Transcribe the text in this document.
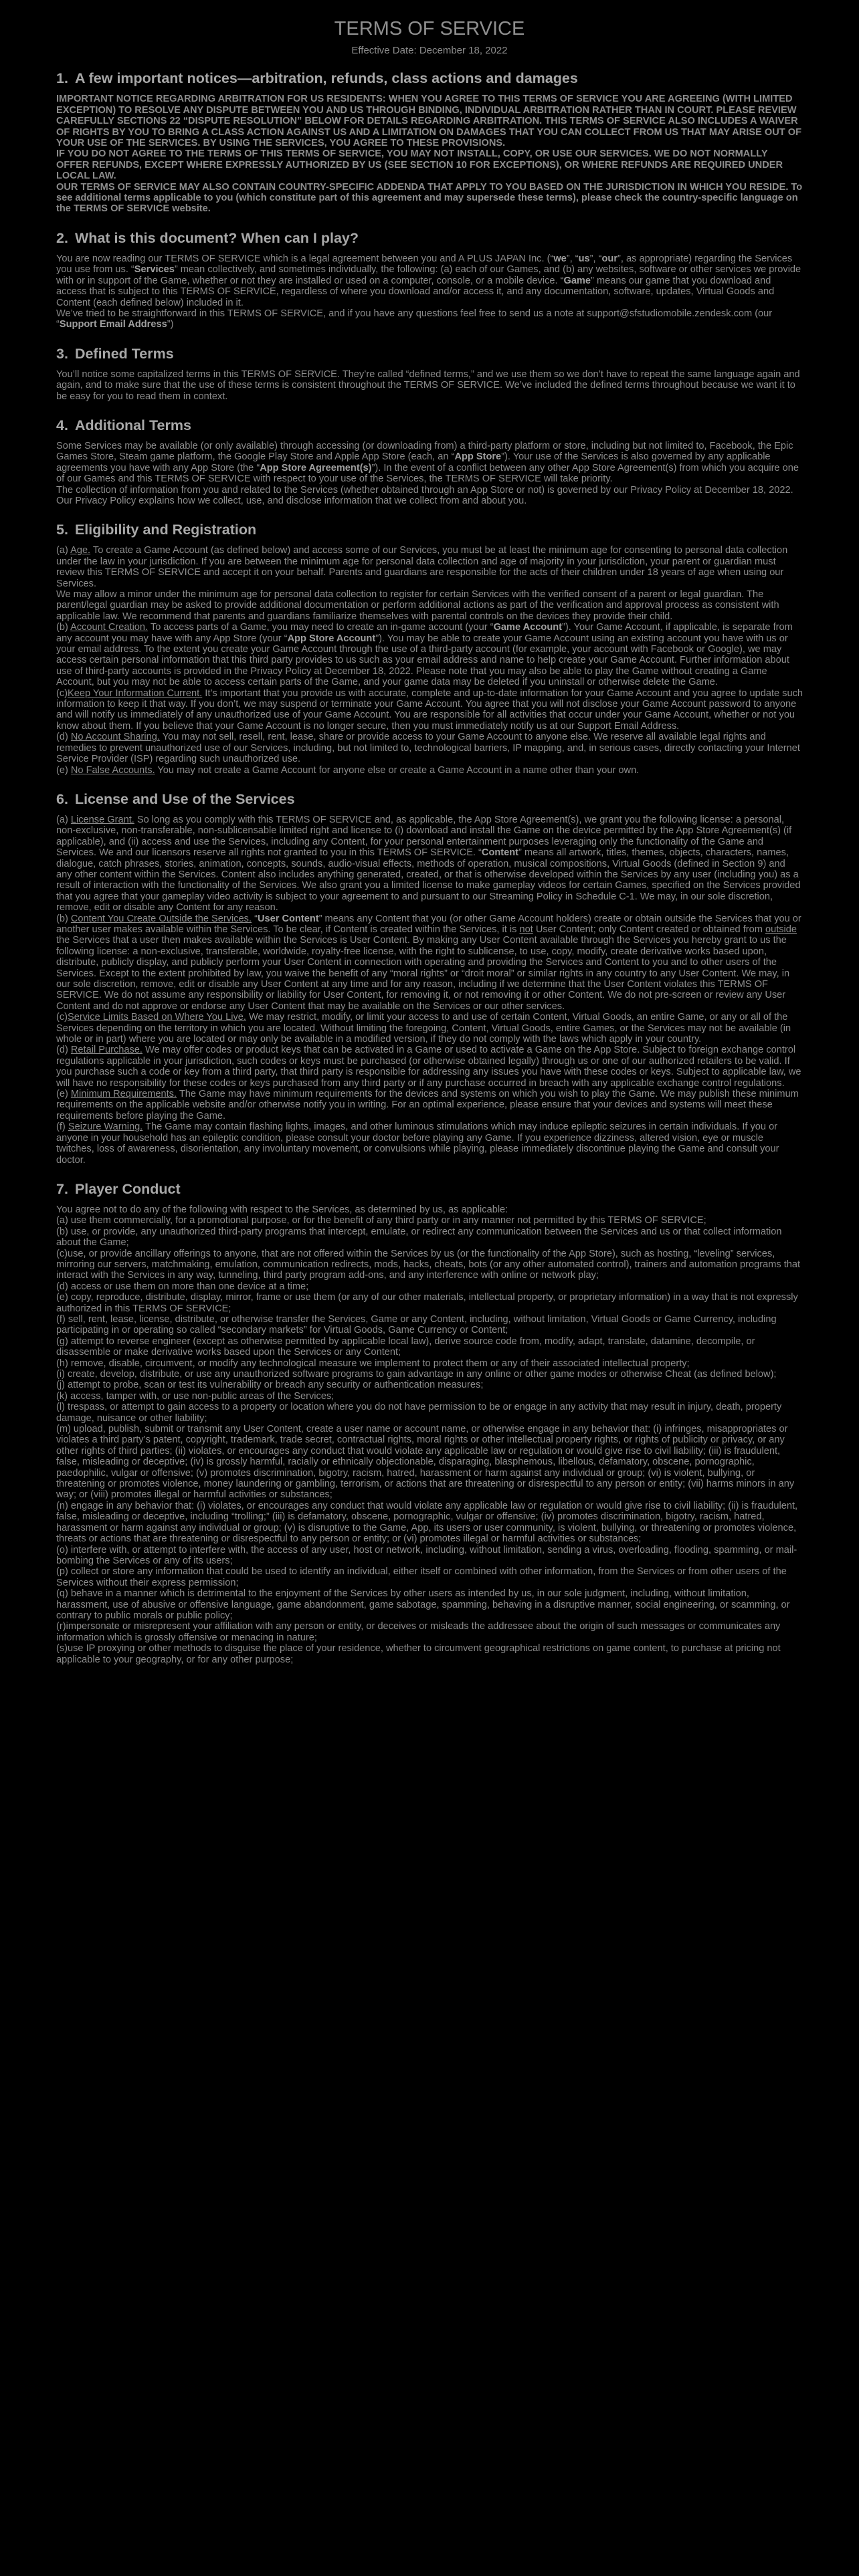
TERMS OF SERVICE
Effective Date: December 18, 2022
1. A few important notices—arbitration, refunds, class actions and damages

IMPORTANT NOTICE REGARDING ARBITRATION FOR US RESIDENTS: WHEN YOU AGREE TO THIS TERMS OF SERVICE YOU ARE AGREEING (WITH LIMITED EXCEPTION) TO RESOLVE ANY DISPUTE BETWEEN YOU AND US THROUGH BINDING, INDIVIDUAL ARBITRATION RATHER THAN IN COURT. PLEASE REVIEW CAREFULLY SECTIONS 22 “DISPUTE RESOLUTION” BELOW FOR DETAILS REGARDING ARBITRATION. THIS TERMS OF SERVICE ALSO INCLUDES A WAIVER OF RIGHTS BY YOU TO BRING A CLASS ACTION AGAINST US AND A LIMITATION ON DAMAGES THAT YOU CAN COLLECT FROM US THAT MAY ARISE OUT OF YOUR USE OF THE SERVICES. BY USING THE SERVICES, YOU AGREE TO THESE PROVISIONS.

IF YOU DO NOT AGREE TO THE TERMS OF THIS TERMS OF SERVICE, YOU MAY NOT INSTALL, COPY, OR USE OUR SERVICES. WE DO NOT NORMALLY OFFER REFUNDS, EXCEPT WHERE EXPRESSLY AUTHORIZED BY US (SEE SECTION 10 FOR EXCEPTIONS), OR WHERE REFUNDS ARE REQUIRED UNDER LOCAL LAW.

OUR TERMS OF SERVICE MAY ALSO CONTAIN COUNTRY-SPECIFIC ADDENDA THAT APPLY TO YOU BASED ON THE JURISDICTION IN WHICH YOU RESIDE. To see additional terms applicable to you (which constitute part of this agreement and may supersede these terms), please check the country-specific language on the TERMS OF SERVICE website.

2. What is this document? When can I play?

You are now reading our TERMS OF SERVICE which is a legal agreement between you and A PLUS JAPAN Inc. (“we”, “us”, “our”, as appropriate) regarding the Services you use from us. “Services” mean collectively, and sometimes individually, the following: (a) each of our Games, and (b) any websites, software or other services we provide with or in support of the Game, whether or not they are installed or used on a computer, console, or a mobile device. “Game” means our game that you download and access that is subject to this TERMS OF SERVICE, regardless of where you download and/or access it, and any documentation, software, updates, Virtual Goods and Content (each defined below) included in it.

We’ve tried to be straightforward in this TERMS OF SERVICE, and if you have any questions feel free to send us a note at support@sfstudiomobile.zendesk.com (our “Support Email Address”)

3. Defined Terms

You’ll notice some capitalized terms in this TERMS OF SERVICE. They’re called “defined terms,” and we use them so we don’t have to repeat the same language again and again, and to make sure that the use of these terms is consistent throughout the TERMS OF SERVICE. We’ve included the defined terms throughout because we want it to be easy for you to read them in context.

4. Additional Terms

Some Services may be available (or only available) through accessing (or downloading from) a third-party platform or store, including but not limited to, Facebook, the Epic Games Store, Steam game platform, the Google Play Store and Apple App Store (each, an “App Store”). Your use of the Services is also governed by any applicable agreements you have with any App Store (the “App Store Agreement(s)”). In the event of a conflict between any other App Store Agreement(s) from which you acquire one of our Games and this TERMS OF SERVICE with respect to your use of the Services, the TERMS OF SERVICE will take priority.

The collection of information from you and related to the Services (whether obtained through an App Store or not) is governed by our Privacy Policy at December 18, 2022. Our Privacy Policy explains how we collect, use, and disclose information that we collect from and about you.

5. Eligibility and Registration

(a) Age. To create a Game Account (as defined below) and access some of our Services, you must be at least the minimum age for consenting to personal data collection under the law in your jurisdiction. If you are between the minimum age for personal data collection and age of majority in your jurisdiction, your parent or guardian must review this TERMS OF SERVICE and accept it on your behalf. Parents and guardians are responsible for the acts of their children under 18 years of age when using our Services.

We may allow a minor under the minimum age for personal data collection to register for certain Services with the verified consent of a parent or legal guardian. The parent/legal guardian may be asked to provide additional documentation or perform additional actions as part of the verification and approval process as consistent with applicable law. We recommend that parents and guardians familiarize themselves with parental controls on the devices they provide their child.

(b) Account Creation. To access parts of a Game, you may need to create an in-game account (your “Game Account”). Your Game Account, if applicable, is separate from any account you may have with any App Store (your “App Store Account”). You may be able to create your Game Account using an existing account you have with us or your email address. To the extent you create your Game Account through the use of a third-party account (for example, your account with Facebook or Google), we may access certain personal information that this third party provides to us such as your email address and name to help create your Game Account. Further information about use of third-party accounts is provided in the Privacy Policy at December 18, 2022. Please note that you may also be able to play the Game without creating a Game Account, but you may not be able to access certain parts of the Game, and your game data may be deleted if you uninstall or otherwise delete the Game.

(c)Keep Your Information Current. It’s important that you provide us with accurate, complete and up-to-date information for your Game Account and you agree to update such information to keep it that way. If you don’t, we may suspend or terminate your Game Account. You agree that you will not disclose your Game Account password to anyone and will notify us immediately of any unauthorized use of your Game Account. You are responsible for all activities that occur under your Game Account, whether or not you know about them. If you believe that your Game Account is no longer secure, then you must immediately notify us at our Support Email Address.

(d) No Account Sharing. You may not sell, resell, rent, lease, share or provide access to your Game Account to anyone else. We reserve all available legal rights and remedies to prevent unauthorized use of our Services, including, but not limited to, technological barriers, IP mapping, and, in serious cases, directly contacting your Internet Service Provider (ISP) regarding such unauthorized use.

(e) No False Accounts. You may not create a Game Account for anyone else or create a Game Account in a name other than your own.

6. License and Use of the Services

(a) License Grant. So long as you comply with this TERMS OF SERVICE and, as applicable, the App Store Agreement(s), we grant you the following license: a personal, non-exclusive, non-transferable, non-sublicensable limited right and license to (i) download and install the Game on the device permitted by the App Store Agreement(s) (if applicable), and (ii) access and use the Services, including any Content, for your personal entertainment purposes leveraging only the functionality of the Game and Services. We and our licensors reserve all rights not granted to you in this TERMS OF SERVICE. “Content” means all artwork, titles, themes, objects, characters, names, dialogue, catch phrases, stories, animation, concepts, sounds, audio-visual effects, methods of operation, musical compositions, Virtual Goods (defined in Section 9) and any other content within the Services. Content also includes anything generated, created, or that is otherwise developed within the Services by any user (including you) as a result of interaction with the functionality of the Services. We also grant you a limited license to make gameplay videos for certain Games, specified on the Services provided that you agree that your gameplay video activity is subject to your agreement to and pursuant to our Streaming Policy in Schedule C-1. We may, in our sole discretion, remove, edit or disable any Content for any reason.

(b) Content You Create Outside the Services. “User Content” means any Content that you (or other Game Account holders) create or obtain outside the Services that you or another user makes available within the Services. To be clear, if Content is created within the Services, it is not User Content; only Content created or obtained from outside the Services that a user then makes available within the Services is User Content. By making any User Content available through the Services you hereby grant to us the following license: a non-exclusive, transferable, worldwide, royalty-free license, with the right to sublicense, to use, copy, modify, create derivative works based upon, distribute, publicly display, and publicly perform your User Content in connection with operating and providing the Services and Content to you and to other users of the Services. Except to the extent prohibited by law, you waive the benefit of any “moral rights” or “droit moral” or similar rights in any country to any User Content. We may, in our sole discretion, remove, edit or disable any User Content at any time and for any reason, including if we determine that the User Content violates this TERMS OF SERVICE. We do not assume any responsibility or liability for User Content, for removing it, or not removing it or other Content. We do not pre-screen or review any User Content and do not approve or endorse any User Content that may be available on the Services or our other services.

(c)Service Limits Based on Where You Live. We may restrict, modify, or limit your access to and use of certain Content, Virtual Goods, an entire Game, or any or all of the Services depending on the territory in which you are located. Without limiting the foregoing, Content, Virtual Goods, entire Games, or the Services may not be available (in whole or in part) where you are located or may only be available in a modified version, if they do not comply with the laws which apply in your country.

(d) Retail Purchase. We may offer codes or product keys that can be activated in a Game or used to activate a Game on the App Store. Subject to foreign exchange control regulations applicable in your jurisdiction, such codes or keys must be purchased (or otherwise obtained legally) through us or one of our authorized retailers to be valid. If you purchase such a code or key from a third party, that third party is responsible for addressing any issues you have with these codes or keys. Subject to applicable law, we will have no responsibility for these codes or keys purchased from any third party or if any purchase occurred in breach with any applicable exchange control regulations.

(e) Minimum Requirements. The Game may have minimum requirements for the devices and systems on which you wish to play the Game. We may publish these minimum requirements on the applicable website and/or otherwise notify you in writing. For an optimal experience, please ensure that your devices and systems will meet these requirements before playing the Game.

(f) Seizure Warning. The Game may contain flashing lights, images, and other luminous stimulations which may induce epileptic seizures in certain individuals. If you or anyone in your household has an epileptic condition, please consult your doctor before playing any Game. If you experience dizziness, altered vision, eye or muscle twitches, loss of awareness, disorientation, any involuntary movement, or convulsions while playing, please immediately discontinue playing the Game and consult your doctor.

7. Player Conduct

You agree not to do any of the following with respect to the Services, as determined by us, as applicable:

(a) use them commercially, for a promotional purpose, or for the benefit of any third party or in any manner not permitted by this TERMS OF SERVICE;

(b) use, or provide, any unauthorized third-party programs that intercept, emulate, or redirect any communication between the Services and us or that collect information about the Game;

(c)use, or provide ancillary offerings to anyone, that are not offered within the Services by us (or the functionality of the App Store), such as hosting, “leveling” services, mirroring our servers, matchmaking, emulation, communication redirects, mods, hacks, cheats, bots (or any other automated control), trainers and automation programs that interact with the Services in any way, tunneling, third party program add-ons, and any interference with online or network play;

(d) access or use them on more than one device at a time;

(e) copy, reproduce, distribute, display, mirror, frame or use them (or any of our other materials, intellectual property, or proprietary information) in a way that is not expressly authorized in this TERMS OF SERVICE;

(f) sell, rent, lease, license, distribute, or otherwise transfer the Services, Game or any Content, including, without limitation, Virtual Goods or Game Currency, including participating in or operating so called “secondary markets” for Virtual Goods, Game Currency or Content;

(g) attempt to reverse engineer (except as otherwise permitted by applicable local law), derive source code from, modify, adapt, translate, datamine, decompile, or disassemble or make derivative works based upon the Services or any Content;

(h) remove, disable, circumvent, or modify any technological measure we implement to protect them or any of their associated intellectual property;

(i) create, develop, distribute, or use any unauthorized software programs to gain advantage in any online or other game modes or otherwise Cheat (as defined below);

(j) attempt to probe, scan or test its vulnerability or breach any security or authentication measures;

(k) access, tamper with, or use non-public areas of the Services;

(l) trespass, or attempt to gain access to a property or location where you do not have permission to be or engage in any activity that may result in injury, death, property damage, nuisance or other liability;

(m) upload, publish, submit or transmit any User Content, create a user name or account name, or otherwise engage in any behavior that: (i) infringes, misappropriates or violates a third party’s patent, copyright, trademark, trade secret, contractual rights, moral rights or other intellectual property rights, or rights of publicity or privacy, or any other rights of third parties; (ii) violates, or encourages any conduct that would violate any applicable law or regulation or would give rise to civil liability; (iii) is fraudulent, false, misleading or deceptive; (iv) is grossly harmful, racially or ethnically objectionable, disparaging, blasphemous, libellous, defamatory, obscene, pornographic, paedophilic, vulgar or offensive; (v) promotes discrimination, bigotry, racism, hatred, harassment or harm against any individual or group; (vi) is violent, bullying, or threatening or promotes violence, money laundering or gambling, terrorism, or actions that are threatening or disrespectful to any person or entity; (vii) harms minors in any way; or (viii) promotes illegal or harmful activities or substances;

(n) engage in any behavior that: (i) violates, or encourages any conduct that would violate any applicable law or regulation or would give rise to civil liability; (ii) is fraudulent, false, misleading or deceptive, including “trolling;” (iii) is defamatory, obscene, pornographic, vulgar or offensive; (iv) promotes discrimination, bigotry, racism, hatred, harassment or harm against any individual or group; (v) is disruptive to the Game, App, its users or user community, is violent, bullying, or threatening or promotes violence, threats or actions that are threatening or disrespectful to any person or entity; or (vi) promotes illegal or harmful activities or substances;

(o) interfere with, or attempt to interfere with, the access of any user, host or network, including, without limitation, sending a virus, overloading, flooding, spamming, or mail-bombing the Services or any of its users;

(p) collect or store any information that could be used to identify an individual, either itself or combined with other information, from the Services or from other users of the Services without their express permission;

(q) behave in a manner which is detrimental to the enjoyment of the Services by other users as intended by us, in our sole judgment, including, without limitation, harassment, use of abusive or offensive language, game abandonment, game sabotage, spamming, behaving in a disruptive manner, social engineering, or scamming, or contrary to public morals or public policy;

(r)impersonate or misrepresent your affiliation with any person or entity, or deceives or misleads the addressee about the origin of such messages or communicates any information which is grossly offensive or menacing in nature;

(s)use IP proxying or other methods to disguise the place of your residence, whether to circumvent geographical restrictions on game content, to purchase at pricing not applicable to your geography, or for any other purpose;
